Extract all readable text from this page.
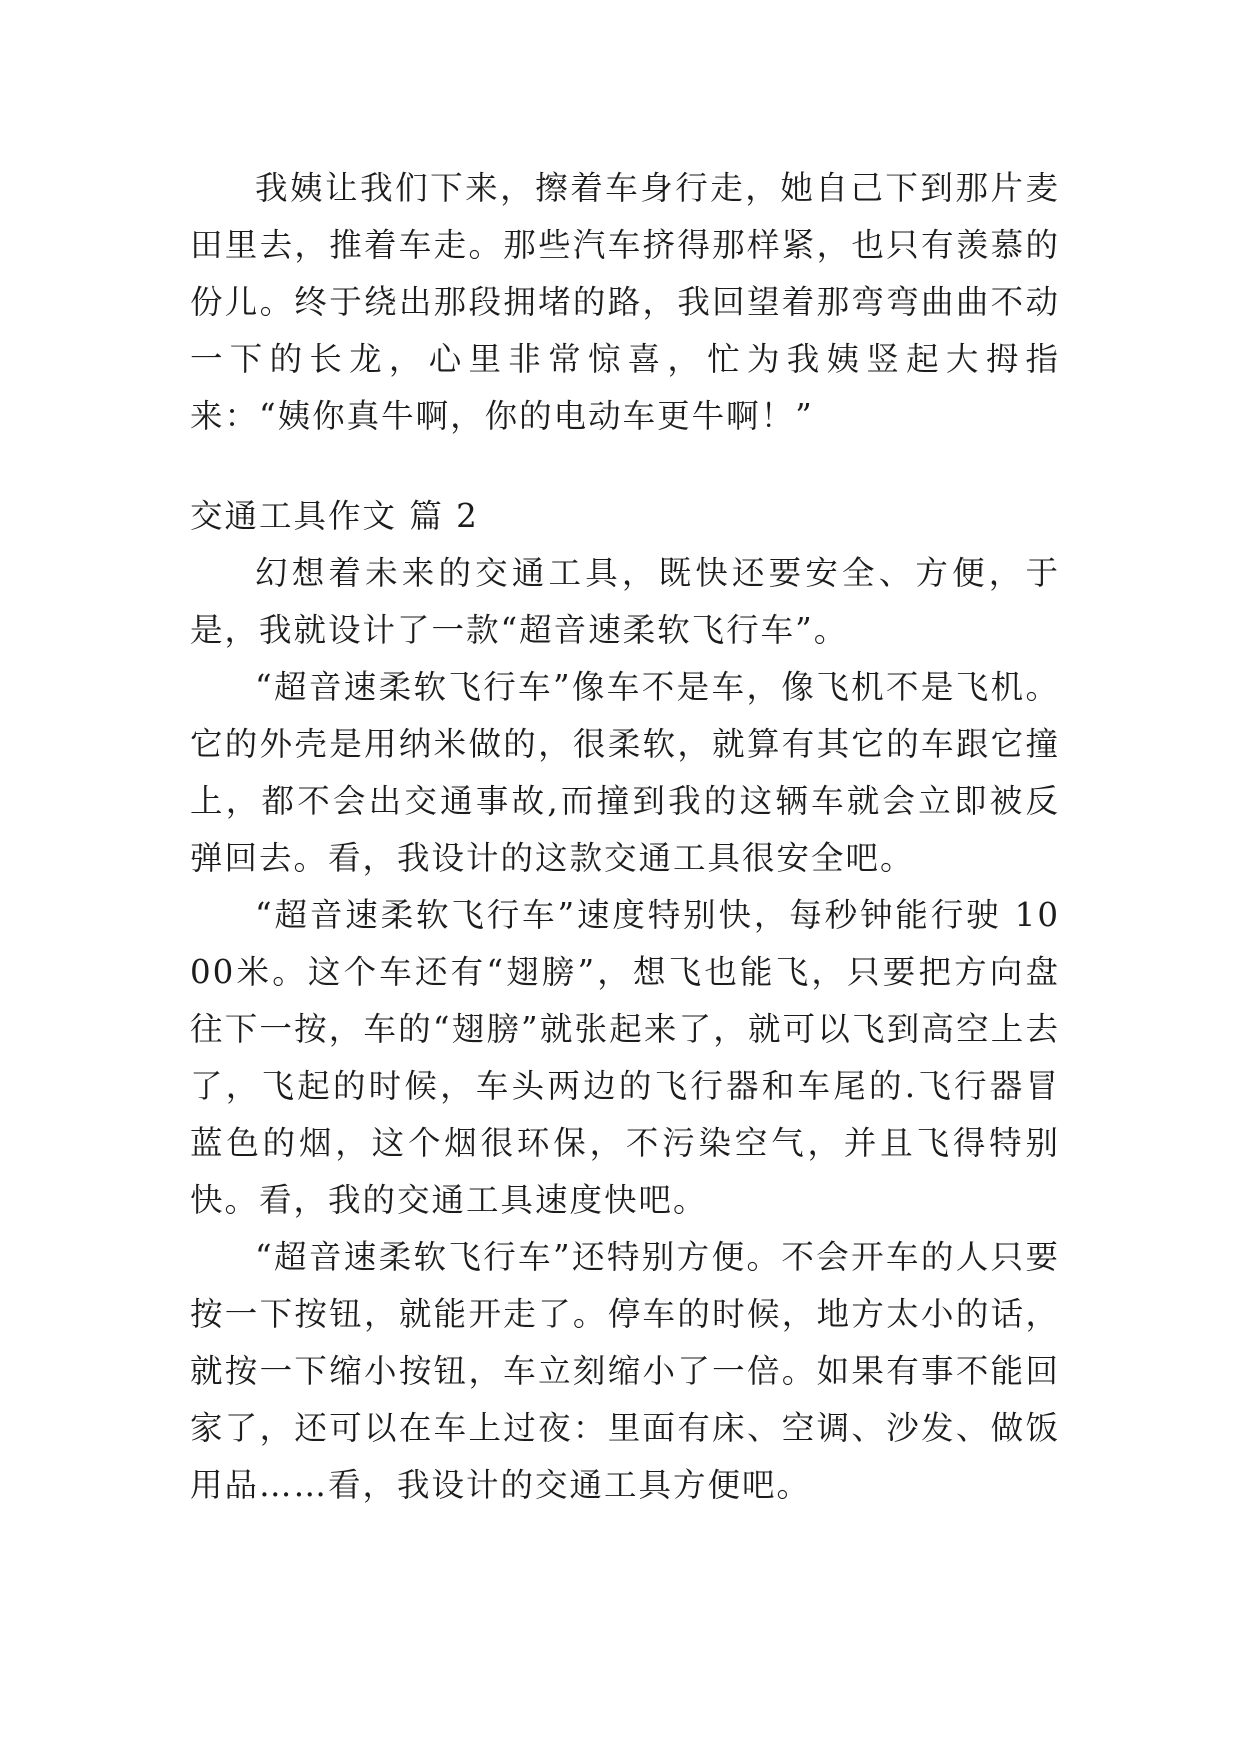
我姨让我们下来，擦着车身行走，她自己下到那片麦田里去，推着车走。那些汽车挤得那样紧，也只有羡慕的份儿。终于绕出那段拥堵的路，我回望着那弯弯曲曲不动一下的长龙，心里非常惊喜，忙为我姨竖起大拇指来：“姨你真牛啊，你的电动车更牛啊！”

交通工具作文 篇 2

幻想着未来的交通工具，既快还要安全、方便，于是，我就设计了一款“超音速柔软飞行车”。

“超音速柔软飞行车”像车不是车，像飞机不是飞机。它的外壳是用纳米做的，很柔软，就算有其它的车跟它撞上，都不会出交通事故,而撞到我的这辆车就会立即被反弹回去。看，我设计的这款交通工具很安全吧。

“超音速柔软飞行车”速度特别快，每秒钟能行驶 1000米。这个车还有“翅膀”，想飞也能飞，只要把方向盘往下一按，车的“翅膀”就张起来了，就可以飞到高空上去了，飞起的时候，车头两边的飞行器和车尾的.飞行器冒蓝色的烟，这个烟很环保，不污染空气，并且飞得特别快。看，我的交通工具速度快吧。

“超音速柔软飞行车”还特别方便。不会开车的人只要按一下按钮，就能开走了。停车的时候，地方太小的话，就按一下缩小按钮，车立刻缩小了一倍。如果有事不能回家了，还可以在车上过夜：里面有床、空调、沙发、做饭用品……看，我设计的交通工具方便吧。
